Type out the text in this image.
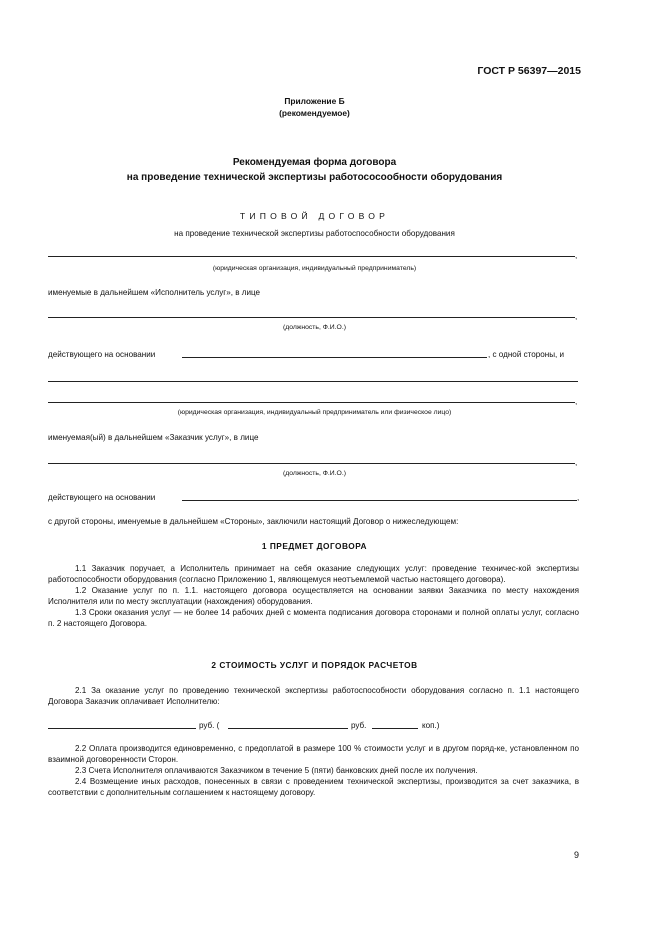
ГОСТ Р 56397—2015
Приложение Б
(рекомендуемое)
Рекомендуемая форма договора
на проведение технической экспертизы работососообности оборудования
ТИПОВОЙ ДОГОВОР
на проведение технической экспертизы работоспособности оборудования
,
(юридическая организация, индивидуальный предприниматель)
именуемые в дальнейшем «Исполнитель услуг», в лице
,
(должность, Ф.И.О.)
действующего на основании	, с одной стороны, и
,
(юридическая организация, индивидуальный предприниматель или физическое лицо)
именуемая(ый) в дальнейшем «Заказчик услуг», в лице
,
(должность, Ф.И.О.)
действующего на основании	,
с другой стороны, именуемые в дальнейшем «Стороны», заключили настоящий Договор о нижеследующем:
1 ПРЕДМЕТ ДОГОВОРА

1.1 Заказчик поручает, а Исполнитель принимает на себя оказание следующих услуг: проведение техничес-кой экспертизы работоспособности оборудования (согласно Приложению 1, являющемуся неотъемлемой частью настоящего договора).

1.2 Оказание услуг по п. 1.1. настоящего договора осуществляется на основании заявки Заказчика по месту нахождения Исполнителя или по месту эксплуатации (нахождения) оборудования.

1.3 Сроки оказания услуг — не более 14 рабочих дней с момента подписания договора сторонами и полной оплаты услуг, согласно п. 2 настоящего Договора.

2 СТОИМОСТЬ УСЛУГ И ПОРЯДОК РАСЧЕТОВ

2.1 За оказание услуг по проведению технической экспертизы работоспособности оборудования согласно п. 1.1 настоящего Договора Заказчик оплачивает Исполнителю:

руб. (	руб.	коп.)

2.2 Оплата производится единовременно, с предоплатой в размере 100 % стоимости услуг и в другом поряд-ке, установленном по взаимной договоренности Сторон.

2.3 Счета Исполнителя оплачиваются Заказчиком в течение 5 (пяти) банковских дней после их получения.

2.4 Возмещение иных расходов, понесенных в связи с проведением технической экспертизы, производится за счет заказчика, в соответствии с дополнительным соглашением к настоящему договору.

9
